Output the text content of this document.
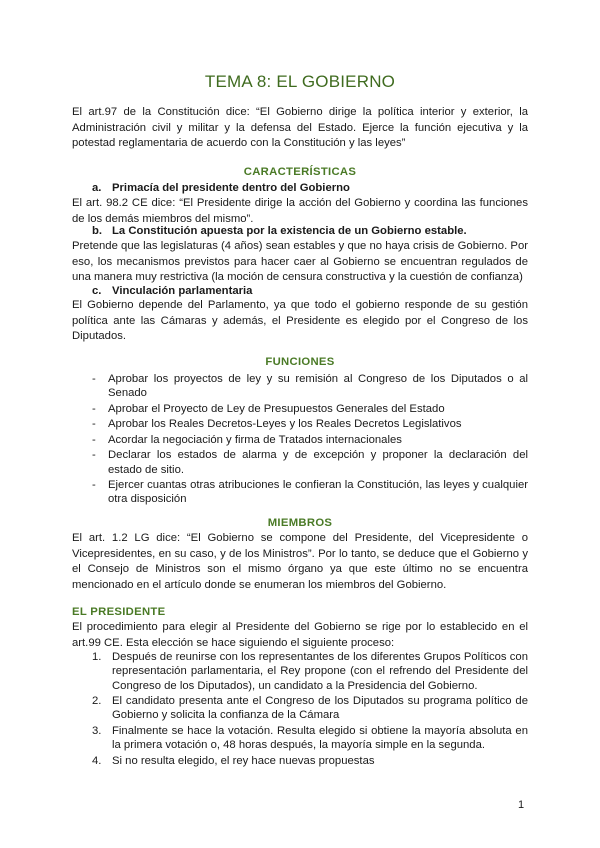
TEMA 8: EL GOBIERNO

El art.97 de la Constitución dice: “El Gobierno dirige la política interior y exterior, la Administración civil y militar y la defensa del Estado. Ejerce la función ejecutiva y la potestad reglamentaria de acuerdo con la Constitución y las leyes”

CARACTERÍSTICAS
a. Primacía del presidente dentro del Gobierno

El art. 98.2 CE dice: “El Presidente dirige la acción del Gobierno y coordina las funciones de los demás miembros del mismo”.

b. La Constitución apuesta por la existencia de un Gobierno estable.

Pretende que las legislaturas (4 años) sean estables y que no haya crisis de Gobierno. Por eso, los mecanismos previstos para hacer caer al Gobierno se encuentran regulados de una manera muy restrictiva (la moción de censura constructiva y la cuestión de confianza)

c. Vinculación parlamentaria

El Gobierno depende del Parlamento, ya que todo el gobierno responde de su gestión política ante las Cámaras y además, el Presidente es elegido por el Congreso de los Diputados.

FUNCIONES
- Aprobar los proyectos de ley y su remisión al Congreso de los Diputados o al Senado
- Aprobar el Proyecto de Ley de Presupuestos Generales del Estado
- Aprobar los Reales Decretos-Leyes y los Reales Decretos Legislativos
- Acordar la negociación y firma de Tratados internacionales
- Declarar los estados de alarma y de excepción y proponer la declaración del estado de sitio.
- Ejercer cuantas otras atribuciones le confieran la Constitución, las leyes y cualquier otra disposición
MIEMBROS

El art. 1.2 LG dice: “El Gobierno se compone del Presidente, del Vicepresidente o Vicepresidentes, en su caso, y de los Ministros”. Por lo tanto, se deduce que el Gobierno y el Consejo de Ministros son el mismo órgano ya que este último no se encuentra mencionado en el artículo donde se enumeran los miembros del Gobierno.

EL PRESIDENTE

El procedimiento para elegir al Presidente del Gobierno se rige por lo establecido en el art.99 CE. Esta elección se hace siguiendo el siguiente proceso:

1. Después de reunirse con los representantes de los diferentes Grupos Políticos con representación parlamentaria, el Rey propone (con el refrendo del Presidente del Congreso de los Diputados), un candidato a la Presidencia del Gobierno.
2. El candidato presenta ante el Congreso de los Diputados su programa político de Gobierno y solicita la confianza de la Cámara
3. Finalmente se hace la votación. Resulta elegido si obtiene la mayoría absoluta en la primera votación o, 48 horas después, la mayoría simple en la segunda.
4. Si no resulta elegido, el rey hace nuevas propuestas
1
